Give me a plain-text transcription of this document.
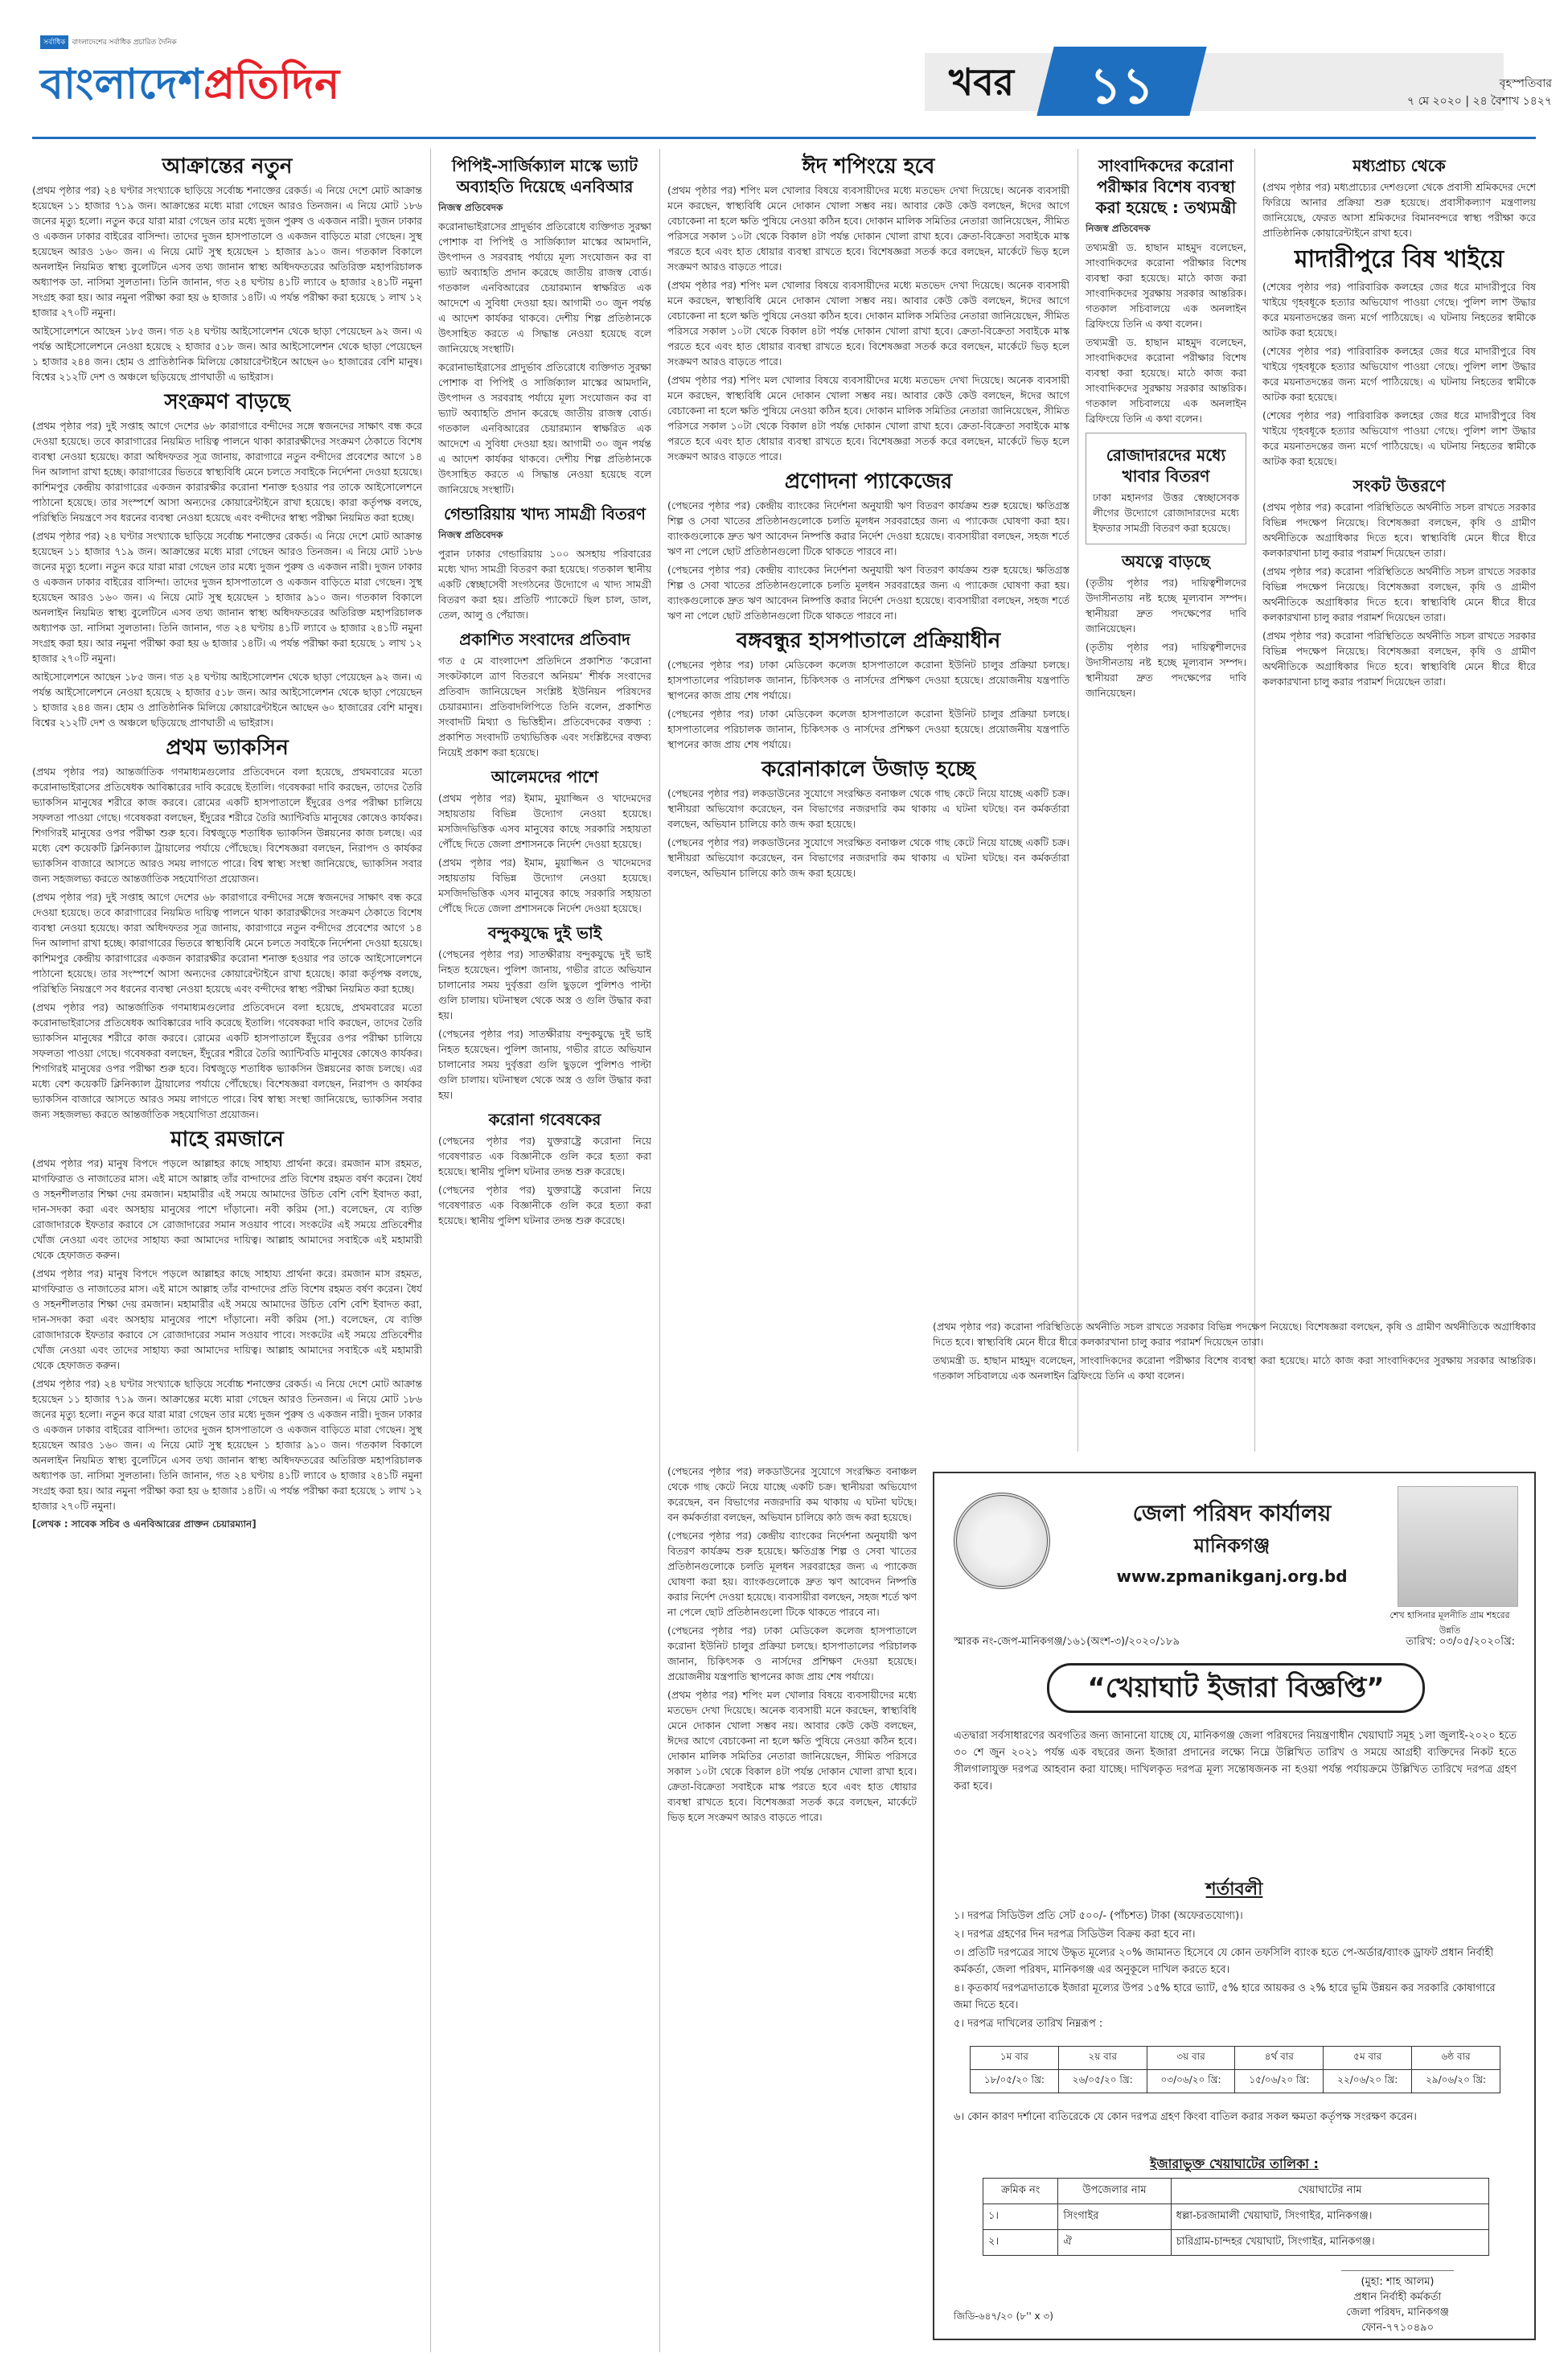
সর্বাধিক বাংলাদেশের সর্বাধিক প্রচারিত দৈনিক
বাংলাদেশপ্রতিদিন	খবর	১১	বৃহস্পতিবার
৭ মে ২০২০ | ২৪ বৈশাখ ১৪২৭
আক্রান্তের নতুন

(প্রথম পৃষ্ঠার পর) ২৪ ঘণ্টার সংখ্যাকে ছাড়িয়ে সর্বোচ্চ শনাক্তের রেকর্ড। এ নিয়ে দেশে মোট আক্রান্ত হয়েছেন ১১ হাজার ৭১৯ জন। আক্রান্তের মধ্যে মারা গেছেন আরও তিনজন। এ নিয়ে মোট ১৮৬ জনের মৃত্যু হলো। নতুন করে যারা মারা গেছেন তার মধ্যে দুজন পুরুষ ও একজন নারী। দুজন ঢাকার ও একজন ঢাকার বাইরের বাসিন্দা। তাদের দুজন হাসপাতালে ও একজন বাড়িতে মারা গেছেন। সুস্থ হয়েছেন আরও ১৬০ জন। এ নিয়ে মোট সুস্থ হয়েছেন ১ হাজার ৯১০ জন। গতকাল বিকালে অনলাইন নিয়মিত স্বাস্থ্য বুলেটিনে এসব তথ্য জানান স্বাস্থ্য অধিদফতরের অতিরিক্ত মহাপরিচালক অধ্যাপক ডা. নাসিমা সুলতানা। তিনি জানান, গত ২৪ ঘণ্টায় ৪১টি ল্যাবে ৬ হাজার ২৪১টি নমুনা সংগ্রহ করা হয়। আর নমুনা পরীক্ষা করা হয় ৬ হাজার ১৪টি। এ পর্যন্ত পরীক্ষা করা হয়েছে ১ লাখ ১২ হাজার ২৭০টি নমুনা।

আইসোলেশনে আছেন ১৮৫ জন। গত ২৪ ঘণ্টায় আইসোলেশন থেকে ছাড়া পেয়েছেন ৯২ জন। এ পর্যন্ত আইসোলেশনে নেওয়া হয়েছে ২ হাজার ৫১৮ জন। আর আইসোলেশন থেকে ছাড়া পেয়েছেন ১ হাজার ২৪৪ জন। হোম ও প্রাতিষ্ঠানিক মিলিয়ে কোয়ারেন্টাইনে আছেন ৬০ হাজারের বেশি মানুষ। বিশ্বের ২১২টি দেশ ও অঞ্চলে ছড়িয়েছে প্রাণঘাতী এ ভাইরাস।

সংক্রমণ বাড়ছে

(প্রথম পৃষ্ঠার পর) দুই সপ্তাহ আগে দেশের ৬৮ কারাগারে বন্দীদের সঙ্গে স্বজনদের সাক্ষাৎ বন্ধ করে দেওয়া হয়েছে। তবে কারাগারের নিয়মিত দায়িত্ব পালনে থাকা কারারক্ষীদের সংক্রমণ ঠেকাতে বিশেষ ব্যবস্থা নেওয়া হয়েছে। কারা অধিদফতর সূত্র জানায়, কারাগারে নতুন বন্দীদের প্রবেশের আগে ১৪ দিন আলাদা রাখা হচ্ছে। কারাগারের ভিতরে স্বাস্থ্যবিধি মেনে চলতে সবাইকে নির্দেশনা দেওয়া হয়েছে। কাশিমপুর কেন্দ্রীয় কারাগারের একজন কারারক্ষীর করোনা শনাক্ত হওয়ার পর তাকে আইসোলেশনে পাঠানো হয়েছে। তার সংস্পর্শে আসা অন্যদের কোয়ারেন্টাইনে রাখা হয়েছে। কারা কর্তৃপক্ষ বলছে, পরিস্থিতি নিয়ন্ত্রণে সব ধরনের ব্যবস্থা নেওয়া হয়েছে এবং বন্দীদের স্বাস্থ্য পরীক্ষা নিয়মিত করা হচ্ছে।

(প্রথম পৃষ্ঠার পর) ২৪ ঘণ্টার সংখ্যাকে ছাড়িয়ে সর্বোচ্চ শনাক্তের রেকর্ড। এ নিয়ে দেশে মোট আক্রান্ত হয়েছেন ১১ হাজার ৭১৯ জন। আক্রান্তের মধ্যে মারা গেছেন আরও তিনজন। এ নিয়ে মোট ১৮৬ জনের মৃত্যু হলো। নতুন করে যারা মারা গেছেন তার মধ্যে দুজন পুরুষ ও একজন নারী। দুজন ঢাকার ও একজন ঢাকার বাইরের বাসিন্দা। তাদের দুজন হাসপাতালে ও একজন বাড়িতে মারা গেছেন। সুস্থ হয়েছেন আরও ১৬০ জন। এ নিয়ে মোট সুস্থ হয়েছেন ১ হাজার ৯১০ জন। গতকাল বিকালে অনলাইন নিয়মিত স্বাস্থ্য বুলেটিনে এসব তথ্য জানান স্বাস্থ্য অধিদফতরের অতিরিক্ত মহাপরিচালক অধ্যাপক ডা. নাসিমা সুলতানা। তিনি জানান, গত ২৪ ঘণ্টায় ৪১টি ল্যাবে ৬ হাজার ২৪১টি নমুনা সংগ্রহ করা হয়। আর নমুনা পরীক্ষা করা হয় ৬ হাজার ১৪টি। এ পর্যন্ত পরীক্ষা করা হয়েছে ১ লাখ ১২ হাজার ২৭০টি নমুনা।

আইসোলেশনে আছেন ১৮৫ জন। গত ২৪ ঘণ্টায় আইসোলেশন থেকে ছাড়া পেয়েছেন ৯২ জন। এ পর্যন্ত আইসোলেশনে নেওয়া হয়েছে ২ হাজার ৫১৮ জন। আর আইসোলেশন থেকে ছাড়া পেয়েছেন ১ হাজার ২৪৪ জন। হোম ও প্রাতিষ্ঠানিক মিলিয়ে কোয়ারেন্টাইনে আছেন ৬০ হাজারের বেশি মানুষ। বিশ্বের ২১২টি দেশ ও অঞ্চলে ছড়িয়েছে প্রাণঘাতী এ ভাইরাস।

প্রথম ভ্যাকসিন

(প্রথম পৃষ্ঠার পর) আন্তর্জাতিক গণমাধ্যমগুলোর প্রতিবেদনে বলা হয়েছে, প্রথমবারের মতো করোনাভাইরাসের প্রতিষেধক আবিষ্কারের দাবি করেছে ইতালি। গবেষকরা দাবি করছেন, তাদের তৈরি ভ্যাকসিন মানুষের শরীরে কাজ করবে। রোমের একটি হাসপাতালে ইঁদুরের ওপর পরীক্ষা চালিয়ে সফলতা পাওয়া গেছে। গবেষকরা বলছেন, ইঁদুরের শরীরে তৈরি অ্যান্টিবডি মানুষের কোষেও কার্যকর। শিগগিরই মানুষের ওপর পরীক্ষা শুরু হবে। বিশ্বজুড়ে শতাধিক ভ্যাকসিন উন্নয়নের কাজ চলছে। এর মধ্যে বেশ কয়েকটি ক্লিনিক্যাল ট্রায়ালের পর্যায়ে পৌঁছেছে। বিশেষজ্ঞরা বলছেন, নিরাপদ ও কার্যকর ভ্যাকসিন বাজারে আসতে আরও সময় লাগতে পারে। বিশ্ব স্বাস্থ্য সংস্থা জানিয়েছে, ভ্যাকসিন সবার জন্য সহজলভ্য করতে আন্তর্জাতিক সহযোগিতা প্রয়োজন।

(প্রথম পৃষ্ঠার পর) দুই সপ্তাহ আগে দেশের ৬৮ কারাগারে বন্দীদের সঙ্গে স্বজনদের সাক্ষাৎ বন্ধ করে দেওয়া হয়েছে। তবে কারাগারের নিয়মিত দায়িত্ব পালনে থাকা কারারক্ষীদের সংক্রমণ ঠেকাতে বিশেষ ব্যবস্থা নেওয়া হয়েছে। কারা অধিদফতর সূত্র জানায়, কারাগারে নতুন বন্দীদের প্রবেশের আগে ১৪ দিন আলাদা রাখা হচ্ছে। কারাগারের ভিতরে স্বাস্থ্যবিধি মেনে চলতে সবাইকে নির্দেশনা দেওয়া হয়েছে। কাশিমপুর কেন্দ্রীয় কারাগারের একজন কারারক্ষীর করোনা শনাক্ত হওয়ার পর তাকে আইসোলেশনে পাঠানো হয়েছে। তার সংস্পর্শে আসা অন্যদের কোয়ারেন্টাইনে রাখা হয়েছে। কারা কর্তৃপক্ষ বলছে, পরিস্থিতি নিয়ন্ত্রণে সব ধরনের ব্যবস্থা নেওয়া হয়েছে এবং বন্দীদের স্বাস্থ্য পরীক্ষা নিয়মিত করা হচ্ছে।

(প্রথম পৃষ্ঠার পর) আন্তর্জাতিক গণমাধ্যমগুলোর প্রতিবেদনে বলা হয়েছে, প্রথমবারের মতো করোনাভাইরাসের প্রতিষেধক আবিষ্কারের দাবি করেছে ইতালি। গবেষকরা দাবি করছেন, তাদের তৈরি ভ্যাকসিন মানুষের শরীরে কাজ করবে। রোমের একটি হাসপাতালে ইঁদুরের ওপর পরীক্ষা চালিয়ে সফলতা পাওয়া গেছে। গবেষকরা বলছেন, ইঁদুরের শরীরে তৈরি অ্যান্টিবডি মানুষের কোষেও কার্যকর। শিগগিরই মানুষের ওপর পরীক্ষা শুরু হবে। বিশ্বজুড়ে শতাধিক ভ্যাকসিন উন্নয়নের কাজ চলছে। এর মধ্যে বেশ কয়েকটি ক্লিনিক্যাল ট্রায়ালের পর্যায়ে পৌঁছেছে। বিশেষজ্ঞরা বলছেন, নিরাপদ ও কার্যকর ভ্যাকসিন বাজারে আসতে আরও সময় লাগতে পারে। বিশ্ব স্বাস্থ্য সংস্থা জানিয়েছে, ভ্যাকসিন সবার জন্য সহজলভ্য করতে আন্তর্জাতিক সহযোগিতা প্রয়োজন।

মাহে রমজানে

(প্রথম পৃষ্ঠার পর) মানুষ বিপদে পড়লে আল্লাহর কাছে সাহায্য প্রার্থনা করে। রমজান মাস রহমত, মাগফিরাত ও নাজাতের মাস। এই মাসে আল্লাহ তাঁর বান্দাদের প্রতি বিশেষ রহমত বর্ষণ করেন। ধৈর্য ও সহনশীলতার শিক্ষা দেয় রমজান। মহামারীর এই সময়ে আমাদের উচিত বেশি বেশি ইবাদত করা, দান-সদকা করা এবং অসহায় মানুষের পাশে দাঁড়ানো। নবী করিম (সা.) বলেছেন, যে ব্যক্তি রোজাদারকে ইফতার করাবে সে রোজাদারের সমান সওয়াব পাবে। সংকটের এই সময়ে প্রতিবেশীর খোঁজ নেওয়া এবং তাদের সাহায্য করা আমাদের দায়িত্ব। আল্লাহ আমাদের সবাইকে এই মহামারী থেকে হেফাজত করুন।

(প্রথম পৃষ্ঠার পর) মানুষ বিপদে পড়লে আল্লাহর কাছে সাহায্য প্রার্থনা করে। রমজান মাস রহমত, মাগফিরাত ও নাজাতের মাস। এই মাসে আল্লাহ তাঁর বান্দাদের প্রতি বিশেষ রহমত বর্ষণ করেন। ধৈর্য ও সহনশীলতার শিক্ষা দেয় রমজান। মহামারীর এই সময়ে আমাদের উচিত বেশি বেশি ইবাদত করা, দান-সদকা করা এবং অসহায় মানুষের পাশে দাঁড়ানো। নবী করিম (সা.) বলেছেন, যে ব্যক্তি রোজাদারকে ইফতার করাবে সে রোজাদারের সমান সওয়াব পাবে। সংকটের এই সময়ে প্রতিবেশীর খোঁজ নেওয়া এবং তাদের সাহায্য করা আমাদের দায়িত্ব। আল্লাহ আমাদের সবাইকে এই মহামারী থেকে হেফাজত করুন।

(প্রথম পৃষ্ঠার পর) ২৪ ঘণ্টার সংখ্যাকে ছাড়িয়ে সর্বোচ্চ শনাক্তের রেকর্ড। এ নিয়ে দেশে মোট আক্রান্ত হয়েছেন ১১ হাজার ৭১৯ জন। আক্রান্তের মধ্যে মারা গেছেন আরও তিনজন। এ নিয়ে মোট ১৮৬ জনের মৃত্যু হলো। নতুন করে যারা মারা গেছেন তার মধ্যে দুজন পুরুষ ও একজন নারী। দুজন ঢাকার ও একজন ঢাকার বাইরের বাসিন্দা। তাদের দুজন হাসপাতালে ও একজন বাড়িতে মারা গেছেন। সুস্থ হয়েছেন আরও ১৬০ জন। এ নিয়ে মোট সুস্থ হয়েছেন ১ হাজার ৯১০ জন। গতকাল বিকালে অনলাইন নিয়মিত স্বাস্থ্য বুলেটিনে এসব তথ্য জানান স্বাস্থ্য অধিদফতরের অতিরিক্ত মহাপরিচালক অধ্যাপক ডা. নাসিমা সুলতানা। তিনি জানান, গত ২৪ ঘণ্টায় ৪১টি ল্যাবে ৬ হাজার ২৪১টি নমুনা সংগ্রহ করা হয়। আর নমুনা পরীক্ষা করা হয় ৬ হাজার ১৪টি। এ পর্যন্ত পরীক্ষা করা হয়েছে ১ লাখ ১২ হাজার ২৭০টি নমুনা।

[লেখক : সাবেক সচিব ও এনবিআরের প্রাক্তন চেয়ারম্যান]

পিপিই-সার্জিক্যাল মাস্কে ভ্যাট অব্যাহতি দিয়েছে এনবিআর
নিজস্ব প্রতিবেদক

করোনাভাইরাসের প্রাদুর্ভাব প্রতিরোধে ব্যক্তিগত সুরক্ষা পোশাক বা পিপিই ও সার্জিক্যাল মাস্কের আমদানি, উৎপাদন ও সরবরাহ পর্যায়ে মূল্য সংযোজন কর বা ভ্যাট অব্যাহতি প্রদান করেছে জাতীয় রাজস্ব বোর্ড। গতকাল এনবিআরের চেয়ারম্যান স্বাক্ষরিত এক আদেশে এ সুবিধা দেওয়া হয়। আগামী ৩০ জুন পর্যন্ত এ আদেশ কার্যকর থাকবে। দেশীয় শিল্প প্রতিষ্ঠানকে উৎসাহিত করতে এ সিদ্ধান্ত নেওয়া হয়েছে বলে জানিয়েছে সংস্থাটি।

করোনাভাইরাসের প্রাদুর্ভাব প্রতিরোধে ব্যক্তিগত সুরক্ষা পোশাক বা পিপিই ও সার্জিক্যাল মাস্কের আমদানি, উৎপাদন ও সরবরাহ পর্যায়ে মূল্য সংযোজন কর বা ভ্যাট অব্যাহতি প্রদান করেছে জাতীয় রাজস্ব বোর্ড। গতকাল এনবিআরের চেয়ারম্যান স্বাক্ষরিত এক আদেশে এ সুবিধা দেওয়া হয়। আগামী ৩০ জুন পর্যন্ত এ আদেশ কার্যকর থাকবে। দেশীয় শিল্প প্রতিষ্ঠানকে উৎসাহিত করতে এ সিদ্ধান্ত নেওয়া হয়েছে বলে জানিয়েছে সংস্থাটি।

গেন্ডারিয়ায় খাদ্য সামগ্রী বিতরণ
নিজস্ব প্রতিবেদক

পুরান ঢাকার গেন্ডারিয়ায় ১০০ অসহায় পরিবারের মধ্যে খাদ্য সামগ্রী বিতরণ করা হয়েছে। গতকাল স্থানীয় একটি স্বেচ্ছাসেবী সংগঠনের উদ্যোগে এ খাদ্য সামগ্রী বিতরণ করা হয়। প্রতিটি প্যাকেটে ছিল চাল, ডাল, তেল, আলু ও পেঁয়াজ।

প্রকাশিত সংবাদের প্রতিবাদ

গত ৫ মে বাংলাদেশ প্রতিদিনে প্রকাশিত ‘করোনা সংকটকালে ত্রাণ বিতরণে অনিয়ম’ শীর্ষক সংবাদের প্রতিবাদ জানিয়েছেন সংশ্লিষ্ট ইউনিয়ন পরিষদের চেয়ারম্যান। প্রতিবাদলিপিতে তিনি বলেন, প্রকাশিত সংবাদটি মিথ্যা ও ভিত্তিহীন। প্রতিবেদকের বক্তব্য : প্রকাশিত সংবাদটি তথ্যভিত্তিক এবং সংশ্লিষ্টদের বক্তব্য নিয়েই প্রকাশ করা হয়েছে।

আলেমদের পাশে

(প্রথম পৃষ্ঠার পর) ইমাম, মুয়াজ্জিন ও খাদেমদের সহায়তায় বিভিন্ন উদ্যোগ নেওয়া হয়েছে। মসজিদভিত্তিক এসব মানুষের কাছে সরকারি সহায়তা পৌঁছে দিতে জেলা প্রশাসনকে নির্দেশ দেওয়া হয়েছে।

(প্রথম পৃষ্ঠার পর) ইমাম, মুয়াজ্জিন ও খাদেমদের সহায়তায় বিভিন্ন উদ্যোগ নেওয়া হয়েছে। মসজিদভিত্তিক এসব মানুষের কাছে সরকারি সহায়তা পৌঁছে দিতে জেলা প্রশাসনকে নির্দেশ দেওয়া হয়েছে।

বন্দুকযুদ্ধে দুই ভাই

(পেছনের পৃষ্ঠার পর) সাতক্ষীরায় বন্দুকযুদ্ধে দুই ভাই নিহত হয়েছেন। পুলিশ জানায়, গভীর রাতে অভিযান চালানোর সময় দুর্বৃত্তরা গুলি ছুড়লে পুলিশও পাল্টা গুলি চালায়। ঘটনাস্থল থেকে অস্ত্র ও গুলি উদ্ধার করা হয়।

(পেছনের পৃষ্ঠার পর) সাতক্ষীরায় বন্দুকযুদ্ধে দুই ভাই নিহত হয়েছেন। পুলিশ জানায়, গভীর রাতে অভিযান চালানোর সময় দুর্বৃত্তরা গুলি ছুড়লে পুলিশও পাল্টা গুলি চালায়। ঘটনাস্থল থেকে অস্ত্র ও গুলি উদ্ধার করা হয়।

করোনা গবেষকের

(পেছনের পৃষ্ঠার পর) যুক্তরাষ্ট্রে করোনা নিয়ে গবেষণারত এক বিজ্ঞানীকে গুলি করে হত্যা করা হয়েছে। স্থানীয় পুলিশ ঘটনার তদন্ত শুরু করেছে।

(পেছনের পৃষ্ঠার পর) যুক্তরাষ্ট্রে করোনা নিয়ে গবেষণারত এক বিজ্ঞানীকে গুলি করে হত্যা করা হয়েছে। স্থানীয় পুলিশ ঘটনার তদন্ত শুরু করেছে।

ঈদ শপিংয়ে হবে

(প্রথম পৃষ্ঠার পর) শপিং মল খোলার বিষয়ে ব্যবসায়ীদের মধ্যে মতভেদ দেখা দিয়েছে। অনেক ব্যবসায়ী মনে করছেন, স্বাস্থ্যবিধি মেনে দোকান খোলা সম্ভব নয়। আবার কেউ কেউ বলছেন, ঈদের আগে বেচাকেনা না হলে ক্ষতি পুষিয়ে নেওয়া কঠিন হবে। দোকান মালিক সমিতির নেতারা জানিয়েছেন, সীমিত পরিসরে সকাল ১০টা থেকে বিকাল ৪টা পর্যন্ত দোকান খোলা রাখা হবে। ক্রেতা-বিক্রেতা সবাইকে মাস্ক পরতে হবে এবং হাত ধোয়ার ব্যবস্থা রাখতে হবে। বিশেষজ্ঞরা সতর্ক করে বলছেন, মার্কেটে ভিড় হলে সংক্রমণ আরও বাড়তে পারে।

(প্রথম পৃষ্ঠার পর) শপিং মল খোলার বিষয়ে ব্যবসায়ীদের মধ্যে মতভেদ দেখা দিয়েছে। অনেক ব্যবসায়ী মনে করছেন, স্বাস্থ্যবিধি মেনে দোকান খোলা সম্ভব নয়। আবার কেউ কেউ বলছেন, ঈদের আগে বেচাকেনা না হলে ক্ষতি পুষিয়ে নেওয়া কঠিন হবে। দোকান মালিক সমিতির নেতারা জানিয়েছেন, সীমিত পরিসরে সকাল ১০টা থেকে বিকাল ৪টা পর্যন্ত দোকান খোলা রাখা হবে। ক্রেতা-বিক্রেতা সবাইকে মাস্ক পরতে হবে এবং হাত ধোয়ার ব্যবস্থা রাখতে হবে। বিশেষজ্ঞরা সতর্ক করে বলছেন, মার্কেটে ভিড় হলে সংক্রমণ আরও বাড়তে পারে।

(প্রথম পৃষ্ঠার পর) শপিং মল খোলার বিষয়ে ব্যবসায়ীদের মধ্যে মতভেদ দেখা দিয়েছে। অনেক ব্যবসায়ী মনে করছেন, স্বাস্থ্যবিধি মেনে দোকান খোলা সম্ভব নয়। আবার কেউ কেউ বলছেন, ঈদের আগে বেচাকেনা না হলে ক্ষতি পুষিয়ে নেওয়া কঠিন হবে। দোকান মালিক সমিতির নেতারা জানিয়েছেন, সীমিত পরিসরে সকাল ১০টা থেকে বিকাল ৪টা পর্যন্ত দোকান খোলা রাখা হবে। ক্রেতা-বিক্রেতা সবাইকে মাস্ক পরতে হবে এবং হাত ধোয়ার ব্যবস্থা রাখতে হবে। বিশেষজ্ঞরা সতর্ক করে বলছেন, মার্কেটে ভিড় হলে সংক্রমণ আরও বাড়তে পারে।

প্রণোদনা প্যাকেজের

(পেছনের পৃষ্ঠার পর) কেন্দ্রীয় ব্যাংকের নির্দেশনা অনুযায়ী ঋণ বিতরণ কার্যক্রম শুরু হয়েছে। ক্ষতিগ্রস্ত শিল্প ও সেবা খাতের প্রতিষ্ঠানগুলোকে চলতি মূলধন সরবরাহের জন্য এ প্যাকেজ ঘোষণা করা হয়। ব্যাংকগুলোকে দ্রুত ঋণ আবেদন নিষ্পত্তি করার নির্দেশ দেওয়া হয়েছে। ব্যবসায়ীরা বলছেন, সহজ শর্তে ঋণ না পেলে ছোট প্রতিষ্ঠানগুলো টিকে থাকতে পারবে না।

(পেছনের পৃষ্ঠার পর) কেন্দ্রীয় ব্যাংকের নির্দেশনা অনুযায়ী ঋণ বিতরণ কার্যক্রম শুরু হয়েছে। ক্ষতিগ্রস্ত শিল্প ও সেবা খাতের প্রতিষ্ঠানগুলোকে চলতি মূলধন সরবরাহের জন্য এ প্যাকেজ ঘোষণা করা হয়। ব্যাংকগুলোকে দ্রুত ঋণ আবেদন নিষ্পত্তি করার নির্দেশ দেওয়া হয়েছে। ব্যবসায়ীরা বলছেন, সহজ শর্তে ঋণ না পেলে ছোট প্রতিষ্ঠানগুলো টিকে থাকতে পারবে না।

বঙ্গবন্ধুর হাসপাতালে প্রক্রিয়াধীন

(পেছনের পৃষ্ঠার পর) ঢাকা মেডিকেল কলেজ হাসপাতালে করোনা ইউনিট চালুর প্রক্রিয়া চলছে। হাসপাতালের পরিচালক জানান, চিকিৎসক ও নার্সদের প্রশিক্ষণ দেওয়া হয়েছে। প্রয়োজনীয় যন্ত্রপাতি স্থাপনের কাজ প্রায় শেষ পর্যায়ে।

(পেছনের পৃষ্ঠার পর) ঢাকা মেডিকেল কলেজ হাসপাতালে করোনা ইউনিট চালুর প্রক্রিয়া চলছে। হাসপাতালের পরিচালক জানান, চিকিৎসক ও নার্সদের প্রশিক্ষণ দেওয়া হয়েছে। প্রয়োজনীয় যন্ত্রপাতি স্থাপনের কাজ প্রায় শেষ পর্যায়ে।

করোনাকালে উজাড় হচ্ছে

(পেছনের পৃষ্ঠার পর) লকডাউনের সুযোগে সংরক্ষিত বনাঞ্চল থেকে গাছ কেটে নিয়ে যাচ্ছে একটি চক্র। স্থানীয়রা অভিযোগ করেছেন, বন বিভাগের নজরদারি কম থাকায় এ ঘটনা ঘটছে। বন কর্মকর্তারা বলছেন, অভিযান চালিয়ে কাঠ জব্দ করা হয়েছে।

(পেছনের পৃষ্ঠার পর) লকডাউনের সুযোগে সংরক্ষিত বনাঞ্চল থেকে গাছ কেটে নিয়ে যাচ্ছে একটি চক্র। স্থানীয়রা অভিযোগ করেছেন, বন বিভাগের নজরদারি কম থাকায় এ ঘটনা ঘটছে। বন কর্মকর্তারা বলছেন, অভিযান চালিয়ে কাঠ জব্দ করা হয়েছে।

সাংবাদিকদের করোনা পরীক্ষার বিশেষ ব্যবস্থা করা হয়েছে : তথ্যমন্ত্রী
নিজস্ব প্রতিবেদক

তথ্যমন্ত্রী ড. হাছান মাহমুদ বলেছেন, সাংবাদিকদের করোনা পরীক্ষার বিশেষ ব্যবস্থা করা হয়েছে। মাঠে কাজ করা সাংবাদিকদের সুরক্ষায় সরকার আন্তরিক। গতকাল সচিবালয়ে এক অনলাইন ব্রিফিংয়ে তিনি এ কথা বলেন।

তথ্যমন্ত্রী ড. হাছান মাহমুদ বলেছেন, সাংবাদিকদের করোনা পরীক্ষার বিশেষ ব্যবস্থা করা হয়েছে। মাঠে কাজ করা সাংবাদিকদের সুরক্ষায় সরকার আন্তরিক। গতকাল সচিবালয়ে এক অনলাইন ব্রিফিংয়ে তিনি এ কথা বলেন।

রোজাদারদের মধ্যে খাবার বিতরণ

ঢাকা মহানগর উত্তর স্বেচ্ছাসেবক লীগের উদ্যোগে রোজাদারদের মধ্যে ইফতার সামগ্রী বিতরণ করা হয়েছে।

অযত্নে বাড়ছে

(তৃতীয় পৃষ্ঠার পর) দায়িত্বশীলদের উদাসীনতায় নষ্ট হচ্ছে মূল্যবান সম্পদ। স্থানীয়রা দ্রুত পদক্ষেপের দাবি জানিয়েছেন।

(তৃতীয় পৃষ্ঠার পর) দায়িত্বশীলদের উদাসীনতায় নষ্ট হচ্ছে মূল্যবান সম্পদ। স্থানীয়রা দ্রুত পদক্ষেপের দাবি জানিয়েছেন।

মধ্যপ্রাচ্য থেকে

(প্রথম পৃষ্ঠার পর) মধ্যপ্রাচ্যের দেশগুলো থেকে প্রবাসী শ্রমিকদের দেশে ফিরিয়ে আনার প্রক্রিয়া শুরু হয়েছে। প্রবাসীকল্যাণ মন্ত্রণালয় জানিয়েছে, ফেরত আসা শ্রমিকদের বিমানবন্দরে স্বাস্থ্য পরীক্ষা করে প্রাতিষ্ঠানিক কোয়ারেন্টাইনে রাখা হবে।

মাদারীপুরে বিষ খাইয়ে

(শেষের পৃষ্ঠার পর) পারিবারিক কলহের জের ধরে মাদারীপুরে বিষ খাইয়ে গৃহবধূকে হত্যার অভিযোগ পাওয়া গেছে। পুলিশ লাশ উদ্ধার করে ময়নাতদন্তের জন্য মর্গে পাঠিয়েছে। এ ঘটনায় নিহতের স্বামীকে আটক করা হয়েছে।

(শেষের পৃষ্ঠার পর) পারিবারিক কলহের জের ধরে মাদারীপুরে বিষ খাইয়ে গৃহবধূকে হত্যার অভিযোগ পাওয়া গেছে। পুলিশ লাশ উদ্ধার করে ময়নাতদন্তের জন্য মর্গে পাঠিয়েছে। এ ঘটনায় নিহতের স্বামীকে আটক করা হয়েছে।

(শেষের পৃষ্ঠার পর) পারিবারিক কলহের জের ধরে মাদারীপুরে বিষ খাইয়ে গৃহবধূকে হত্যার অভিযোগ পাওয়া গেছে। পুলিশ লাশ উদ্ধার করে ময়নাতদন্তের জন্য মর্গে পাঠিয়েছে। এ ঘটনায় নিহতের স্বামীকে আটক করা হয়েছে।

সংকট উত্তরণে

(প্রথম পৃষ্ঠার পর) করোনা পরিস্থিতিতে অর্থনীতি সচল রাখতে সরকার বিভিন্ন পদক্ষেপ নিয়েছে। বিশেষজ্ঞরা বলছেন, কৃষি ও গ্রামীণ অর্থনীতিকে অগ্রাধিকার দিতে হবে। স্বাস্থ্যবিধি মেনে ধীরে ধীরে কলকারখানা চালু করার পরামর্শ দিয়েছেন তারা।

(প্রথম পৃষ্ঠার পর) করোনা পরিস্থিতিতে অর্থনীতি সচল রাখতে সরকার বিভিন্ন পদক্ষেপ নিয়েছে। বিশেষজ্ঞরা বলছেন, কৃষি ও গ্রামীণ অর্থনীতিকে অগ্রাধিকার দিতে হবে। স্বাস্থ্যবিধি মেনে ধীরে ধীরে কলকারখানা চালু করার পরামর্শ দিয়েছেন তারা।

(প্রথম পৃষ্ঠার পর) করোনা পরিস্থিতিতে অর্থনীতি সচল রাখতে সরকার বিভিন্ন পদক্ষেপ নিয়েছে। বিশেষজ্ঞরা বলছেন, কৃষি ও গ্রামীণ অর্থনীতিকে অগ্রাধিকার দিতে হবে। স্বাস্থ্যবিধি মেনে ধীরে ধীরে কলকারখানা চালু করার পরামর্শ দিয়েছেন তারা।

(পেছনের পৃষ্ঠার পর) লকডাউনের সুযোগে সংরক্ষিত বনাঞ্চল থেকে গাছ কেটে নিয়ে যাচ্ছে একটি চক্র। স্থানীয়রা অভিযোগ করেছেন, বন বিভাগের নজরদারি কম থাকায় এ ঘটনা ঘটছে। বন কর্মকর্তারা বলছেন, অভিযান চালিয়ে কাঠ জব্দ করা হয়েছে।

(পেছনের পৃষ্ঠার পর) কেন্দ্রীয় ব্যাংকের নির্দেশনা অনুযায়ী ঋণ বিতরণ কার্যক্রম শুরু হয়েছে। ক্ষতিগ্রস্ত শিল্প ও সেবা খাতের প্রতিষ্ঠানগুলোকে চলতি মূলধন সরবরাহের জন্য এ প্যাকেজ ঘোষণা করা হয়। ব্যাংকগুলোকে দ্রুত ঋণ আবেদন নিষ্পত্তি করার নির্দেশ দেওয়া হয়েছে। ব্যবসায়ীরা বলছেন, সহজ শর্তে ঋণ না পেলে ছোট প্রতিষ্ঠানগুলো টিকে থাকতে পারবে না।

(পেছনের পৃষ্ঠার পর) ঢাকা মেডিকেল কলেজ হাসপাতালে করোনা ইউনিট চালুর প্রক্রিয়া চলছে। হাসপাতালের পরিচালক জানান, চিকিৎসক ও নার্সদের প্রশিক্ষণ দেওয়া হয়েছে। প্রয়োজনীয় যন্ত্রপাতি স্থাপনের কাজ প্রায় শেষ পর্যায়ে।

(প্রথম পৃষ্ঠার পর) শপিং মল খোলার বিষয়ে ব্যবসায়ীদের মধ্যে মতভেদ দেখা দিয়েছে। অনেক ব্যবসায়ী মনে করছেন, স্বাস্থ্যবিধি মেনে দোকান খোলা সম্ভব নয়। আবার কেউ কেউ বলছেন, ঈদের আগে বেচাকেনা না হলে ক্ষতি পুষিয়ে নেওয়া কঠিন হবে। দোকান মালিক সমিতির নেতারা জানিয়েছেন, সীমিত পরিসরে সকাল ১০টা থেকে বিকাল ৪টা পর্যন্ত দোকান খোলা রাখা হবে। ক্রেতা-বিক্রেতা সবাইকে মাস্ক পরতে হবে এবং হাত ধোয়ার ব্যবস্থা রাখতে হবে। বিশেষজ্ঞরা সতর্ক করে বলছেন, মার্কেটে ভিড় হলে সংক্রমণ আরও বাড়তে পারে।

(প্রথম পৃষ্ঠার পর) করোনা পরিস্থিতিতে অর্থনীতি সচল রাখতে সরকার বিভিন্ন পদক্ষেপ নিয়েছে। বিশেষজ্ঞরা বলছেন, কৃষি ও গ্রামীণ অর্থনীতিকে অগ্রাধিকার দিতে হবে। স্বাস্থ্যবিধি মেনে ধীরে ধীরে কলকারখানা চালু করার পরামর্শ দিয়েছেন তারা।

তথ্যমন্ত্রী ড. হাছান মাহমুদ বলেছেন, সাংবাদিকদের করোনা পরীক্ষার বিশেষ ব্যবস্থা করা হয়েছে। মাঠে কাজ করা সাংবাদিকদের সুরক্ষায় সরকার আন্তরিক। গতকাল সচিবালয়ে এক অনলাইন ব্রিফিংয়ে তিনি এ কথা বলেন।

জেলা পরিষদ কার্যালয়
মানিকগঞ্জ
www.zpmanikganj.org.bd
শেখ হাসিনার মূলনীতি গ্রাম শহরের উন্নতি
স্মারক নং-জেপ-মানিকগঞ্জ/১৬১(অংশ-৩)/২০২০/১৮৯	তারিখ: ০৩/০৫/২০২০খ্রি:
“খেয়াঘাট ইজারা বিজ্ঞপ্তি”
এতদ্বারা সর্বসাধারণের অবগতির জন্য জানানো যাচ্ছে যে, মানিকগঞ্জ জেলা পরিষদের নিয়ন্ত্রণাধীন খেয়াঘাট সমূহ ১লা জুলাই-২০২০ হতে ৩০ শে জুন ২০২১ পর্যন্ত এক বছরের জন্য ইজারা প্রদানের লক্ষ্যে নিম্নে উল্লিখিত তারিখ ও সময়ে আগ্রহী ব্যক্তিদের নিকট হতে সীলগালাযুক্ত দরপত্র আহবান করা যাচ্ছে। দাখিলকৃত দরপত্র মূল্য সন্তোষজনক না হওয়া পর্যন্ত পর্যায়ক্রমে উল্লিখিত তারিখে দরপত্র গ্রহণ করা হবে।
শর্তাবলী
১। দরপত্র সিডিউল প্রতি সেট ৫০০/- (পাঁচশত) টাকা (অফেরতযোগ্য)।
২। দরপত্র গ্রহণের দিন দরপত্র সিডিউল বিক্রয় করা হবে না।
৩। প্রতিটি দরপত্রের সাথে উদ্ধৃত মূল্যের ২০% জামানত হিসেবে যে কোন তফসিলি ব্যাংক হতে পে-অর্ডার/ব্যাংক ড্রাফট প্রধান নির্বাহী কর্মকর্তা, জেলা পরিষদ, মানিকগঞ্জ এর অনুকূলে দাখিল করতে হবে।
৪। কৃতকার্য দরপত্রদাতাকে ইজারা মূল্যের উপর ১৫% হারে ভ্যাট, ৫% হারে আয়কর ও ২% হারে ভূমি উন্নয়ন কর সরকারি কোষাগারে জমা দিতে হবে।
৫। দরপত্র দাখিলের তারিখ নিম্নরূপ :
১ম বার	২য় বার	৩য় বার	৪র্থ বার	৫ম বার	৬ষ্ঠ বার
১৮/০৫/২০ খ্রি:	২৬/০৫/২০ খ্রি:	০৩/০৬/২০ খ্রি:	১৫/০৬/২০ খ্রি:	২২/০৬/২০ খ্রি:	২৯/০৬/২০ খ্রি:
৬। কোন কারণ দর্শানো ব্যতিরেকে যে কোন দরপত্র গ্রহণ কিংবা বাতিল করার সকল ক্ষমতা কর্তৃপক্ষ সংরক্ষণ করেন।
ইজারাভুক্ত খেয়াঘাটের তালিকা :
ক্রমিক নং	উপজেলার নাম	খেয়াঘাটের নাম
১।	সিংগাইর	ধল্লা-চরজামালী খেয়াঘাট, সিংগাইর, মানিকগঞ্জ।
২।	ঐ	চারিগ্রাম-চান্দহর খেয়াঘাট, সিংগাইর, মানিকগঞ্জ।
(মুহা: শাহ আলম)
প্রধান নির্বাহী কর্মকর্তা
জেলা পরিষদ, মানিকগঞ্জ
ফোন-৭৭১০৪৯০
জিডি-৬৪৭/২০ (৮'' x ৩)
